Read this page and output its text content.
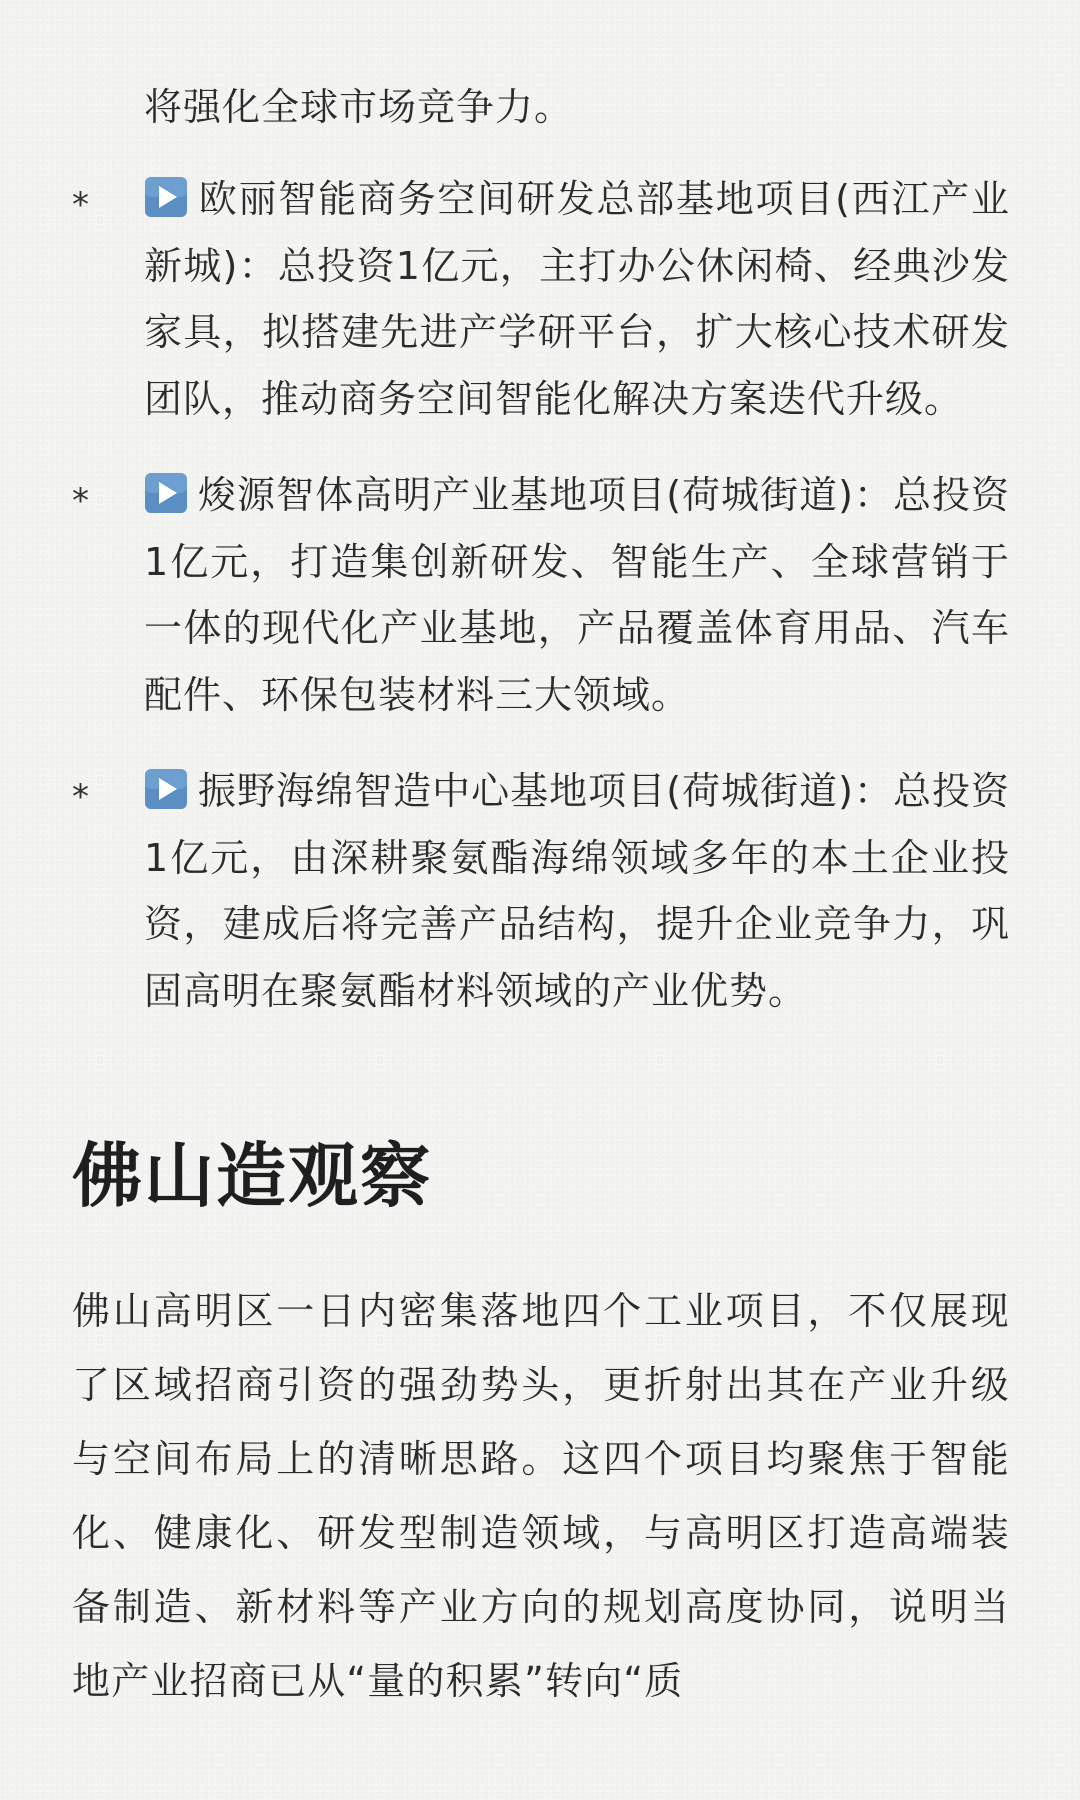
将强化全球市场竞争力。
*	欧丽智能商务空间研发总部基地项目(西江产业新城)：总投资1亿元，主打办公休闲椅、经典沙发家具，拟搭建先进产学研平台，扩大核心技术研发团队，推动商务空间智能化解决方案迭代升级。
*	焌源智体高明产业基地项目(荷城街道)：总投资1亿元，打造集创新研发、智能生产、全球营销于一体的现代化产业基地，产品覆盖体育用品、汽车配件、环保包装材料三大领域。
*	振野海绵智造中心基地项目(荷城街道)：总投资1亿元，由深耕聚氨酯海绵领域多年的本土企业投资，建成后将完善产品结构，提升企业竞争力，巩固高明在聚氨酯材料领域的产业优势。
佛山造观察

佛山高明区一日内密集落地四个工业项目，不仅展现了区域招商引资的强劲势头，更折射出其在产业升级与空间布局上的清晰思路。这四个项目均聚焦于智能化、健康化、研发型制造领域，与高明区打造高端装备制造、新材料等产业方向的规划高度协同，说明当地产业招商已从“量的积累”转向“质
